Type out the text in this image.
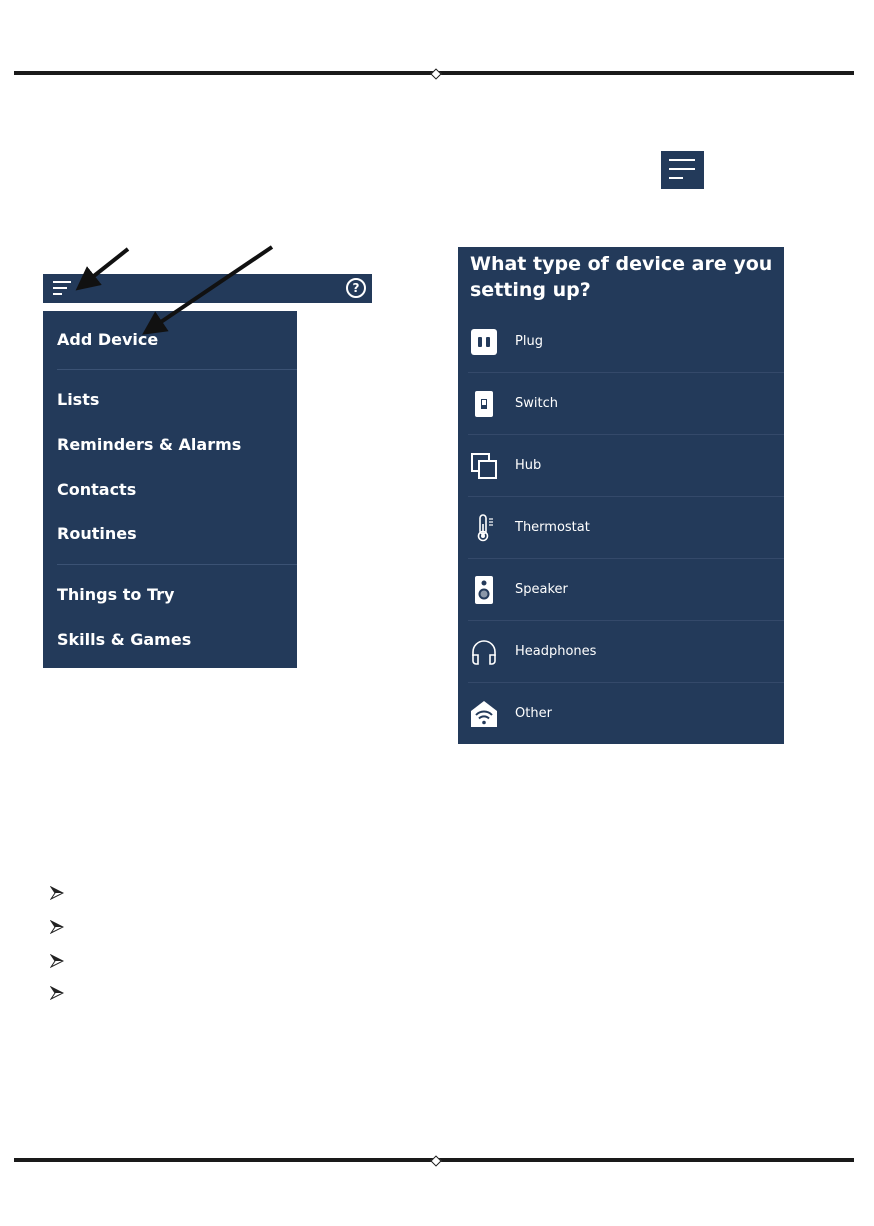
?
Add Device
Lists
Reminders & Alarms
Contacts
Routines
Things to Try
Skills & Games
What type of device are you setting up?
Plug
Switch
Hub
Thermostat
Speaker
Headphones
Other
